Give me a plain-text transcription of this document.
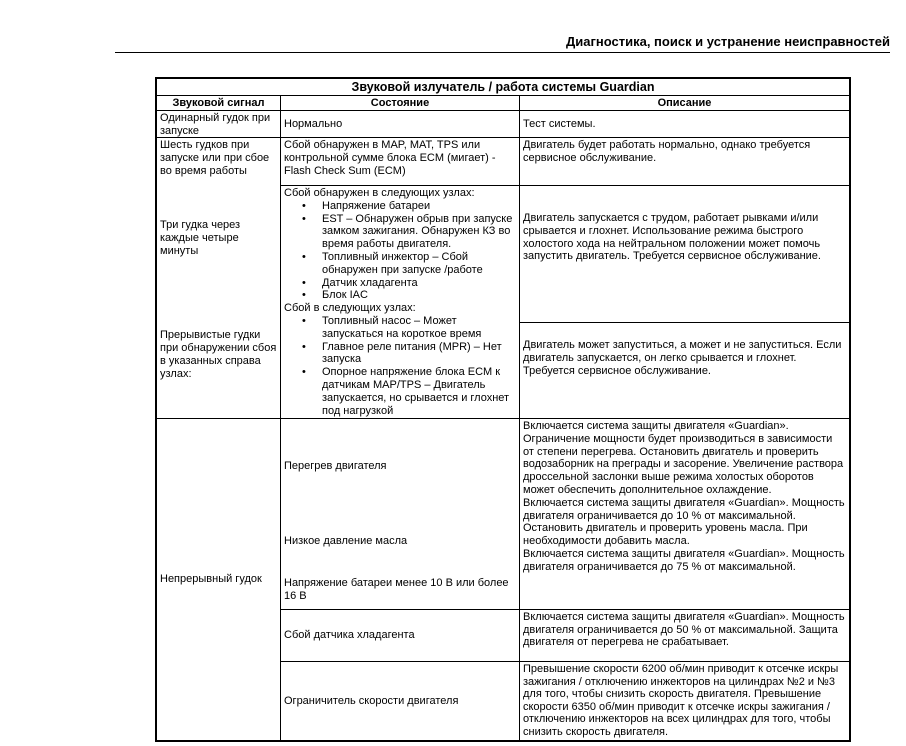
Диагностика, поиск и устранение неисправностей
Звуковой излучатель / работа системы Guardian
Звуковой сигнал	Состояние	Описание
Одинарный гудок при запуске
Шесть гудков при запуске или при сбое во время работы
Три гудка через каждые четыре минуты
Прерывистые гудки при обнаружении сбоя в указанных справа узлах:
Непрерывный гудок
Нормально
Сбой обнаружен в MAP, MAT, TPS или контрольной сумме блока ECM (мигает) - Flash Check Sum (ECM)
Сбой обнаружен в следующих узлах:
• Напряжение батареи
• EST – Обнаружен обрыв при запуске замком зажигания. Обнаружен КЗ во время работы двигателя.
• Топливный инжектор – Сбой обнаружен при запуске /работе
• Датчик хладагента
• Блок IAC
Сбой в следующих узлах:
• Топливный насос – Может запускаться на короткое время
• Главное реле питания (MPR) – Нет запуска
• Опорное напряжение блока ECM к датчикам MAP/TPS – Двигатель запускается, но срывается и глохнет под нагрузкой
Перегрев двигателя
Низкое давление масла
Напряжение батареи менее 10 В или более 16 В
Сбой датчика хладагента
Ограничитель скорости двигателя
Тест системы.
Двигатель будет работать нормально, однако требуется сервисное обслуживание.
Двигатель запускается с трудом, работает рывками и/или срывается и глохнет. Использование режима быстрого холостого хода на нейтральном положении может помочь запустить двигатель. Требуется сервисное обслуживание.
Двигатель может запуститься, а может и не запуститься. Если двигатель запускается, он легко срывается и глохнет. Требуется сервисное обслуживание.
Включается система защиты двигателя «Guardian». Ограничение мощности будет производиться в зависимости от степени перегрева. Остановить двигатель и проверить водозаборник на преграды и засорение. Увеличение раствора дроссельной заслонки выше режима холостых оборотов может обеспечить дополнительное охлаждение.
Включается система защиты двигателя «Guardian». Мощность двигателя ограничивается до 10 % от максимальной. Остановить двигатель и проверить уровень масла. При необходимости добавить масла.
Включается система защиты двигателя «Guardian». Мощность двигателя ограничивается до 75 % от максимальной.
Включается система защиты двигателя «Guardian». Мощность двигателя ограничивается до 50 % от максимальной. Защита двигателя от перегрева не срабатывает.
Превышение скорости 6200 об/мин приводит к отсечке искры зажигания / отключению инжекторов на цилиндрах №2 и №3 для того, чтобы снизить скорость двигателя. Превышение скорости 6350 об/мин приводит к отсечке искры зажигания / отключению инжекторов на всех цилиндрах для того, чтобы снизить скорость двигателя.
